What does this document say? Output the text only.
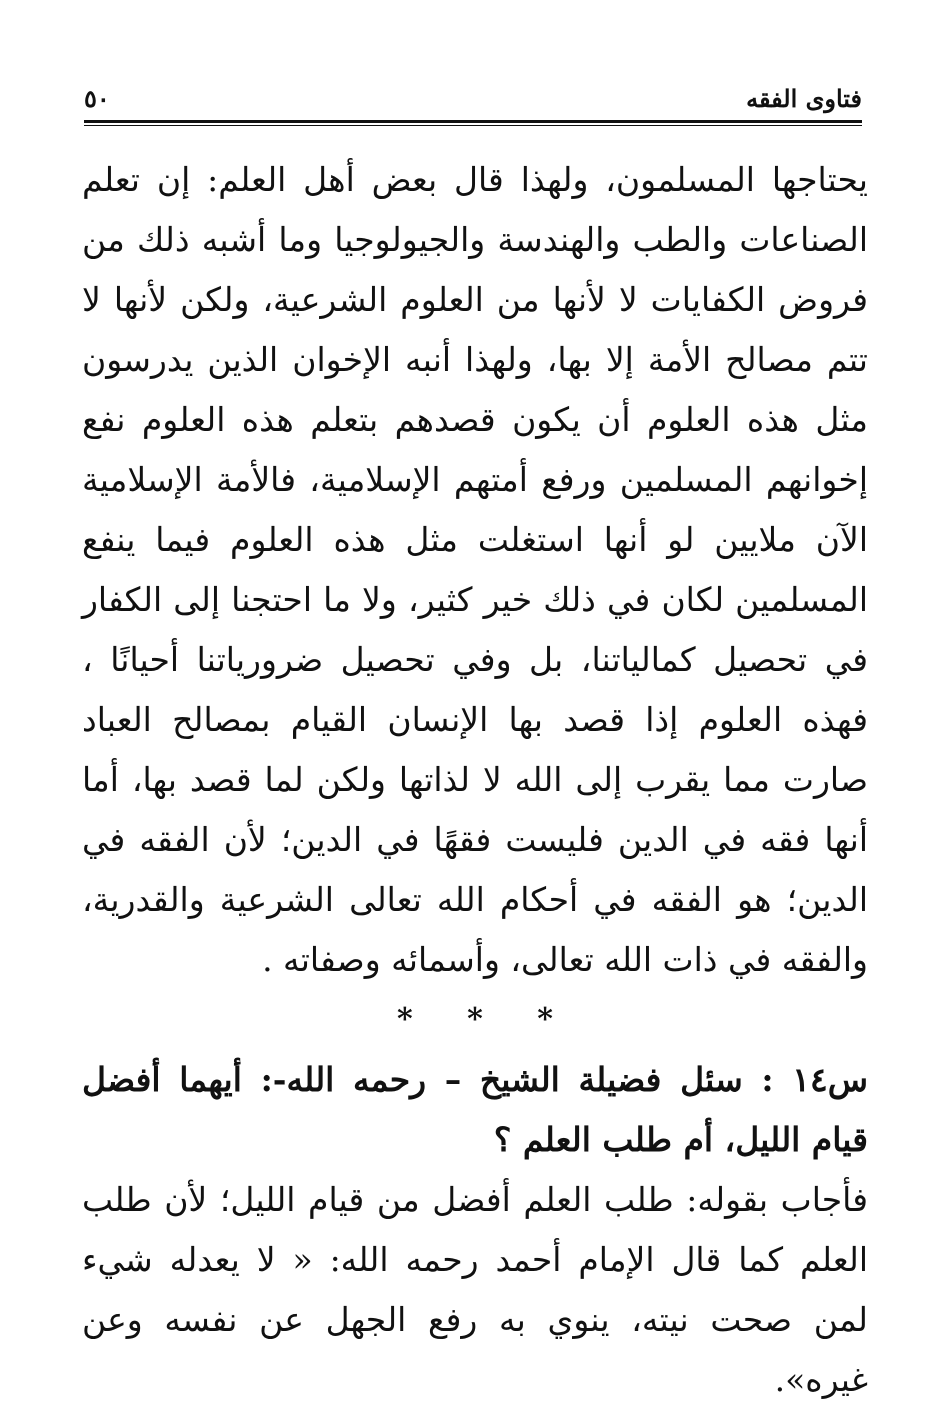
فتاوى الفقه
٥٠

يحتاجها المسلمون، ولهذا قال بعض أهل العلم: إن تعلم الصناعات والطب والهندسة والجيولوجيا وما أشبه ذلك من فروض الكفايات لا لأنها من العلوم الشرعية، ولكن لأنها لا تتم مصالح الأمة إلا بها، ولهذا أنبه الإخوان الذين يدرسون مثل هذه العلوم أن يكون قصدهم بتعلم هذه العلوم نفع إخوانهم المسلمين ورفع أمتهم الإسلامية، فالأمة الإسلامية الآن ملايين لو أنها استغلت مثل هذه العلوم فيما ينفع المسلمين لكان في ذلك خير كثير، ولا ما احتجنا إلى الكفار في تحصيل كمالياتنا، بل وفي تحصيل ضرورياتنا أحيانًا ، فهذه العلوم إذا قصد بها الإنسان القيام بمصالح العباد صارت مما يقرب إلى الله لا لذاتها ولكن لما قصد بها، أما أنها فقه في الدين فليست فقهًا في الدين؛ لأن الفقه في الدين؛ هو الفقه في أحكام الله تعالى الشرعية والقدرية، والفقه في ذات الله تعالى، وأسمائه وصفاته .

* * *

س١٤ : سئل فضيلة الشيخ – رحمه الله-: أيهما أفضل قيام الليل، أم طلب العلم ؟

فأجاب بقوله: طلب العلم أفضل من قيام الليل؛ لأن طلب العلم كما قال الإمام أحمد رحمه الله: « لا يعدله شيء لمن صحت نيته، ينوي به رفع الجهل عن نفسه وعن غيره».
